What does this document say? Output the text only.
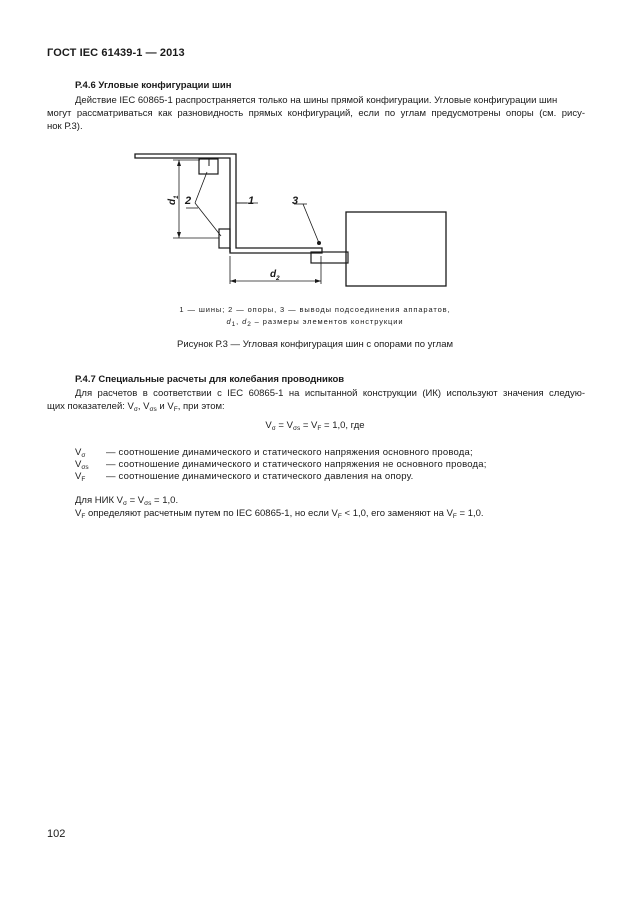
ГОСТ IEC 61439-1 — 2013
Р.4.6 Угловые конфигурации шин
Действие IEC 60865-1 распространяется только на шины прямой конфигурации. Угловые конфигурации шин
могут рассматриваться как разновидность прямых конфигураций, если по углам предусмотрены опоры (см. рису-
нок Р.3).
2	1	3
d
1
d 2
1 — шины; 2 — опоры, 3 — выводы подсоединения аппаратов,
$d_1$, $d_2$ – размеры элементов конструкции
Рисунок Р.3 — Угловая конфигурация шин с опорами по углам
Р.4.7 Специальные расчеты для колебания проводников
Для расчетов в соответствии с IEC 60865-1 на испытанной конструкции (ИК) используют значения следую-
щих показателей: $V_\sigma$, $V_{\sigma s}$ и $V_F$, при этом:
$V_\sigma = V_{\sigma s} = V_F = 1,0$, где
$V_\sigma$ — соотношение динамического и статического напряжения основного провода;
$V_{\sigma s}$ — соотношение динамического и статического напряжения не основного провода;
$V_F$ — соотношение динамического и статического давления на опору.
Для НИК $V_\sigma = V_{\sigma s} = 1,0$.
$V_F$ определяют расчетным путем по IEC 60865-1, но если $V_F < 1,0$, его заменяют на $V_F = 1,0$.
102
